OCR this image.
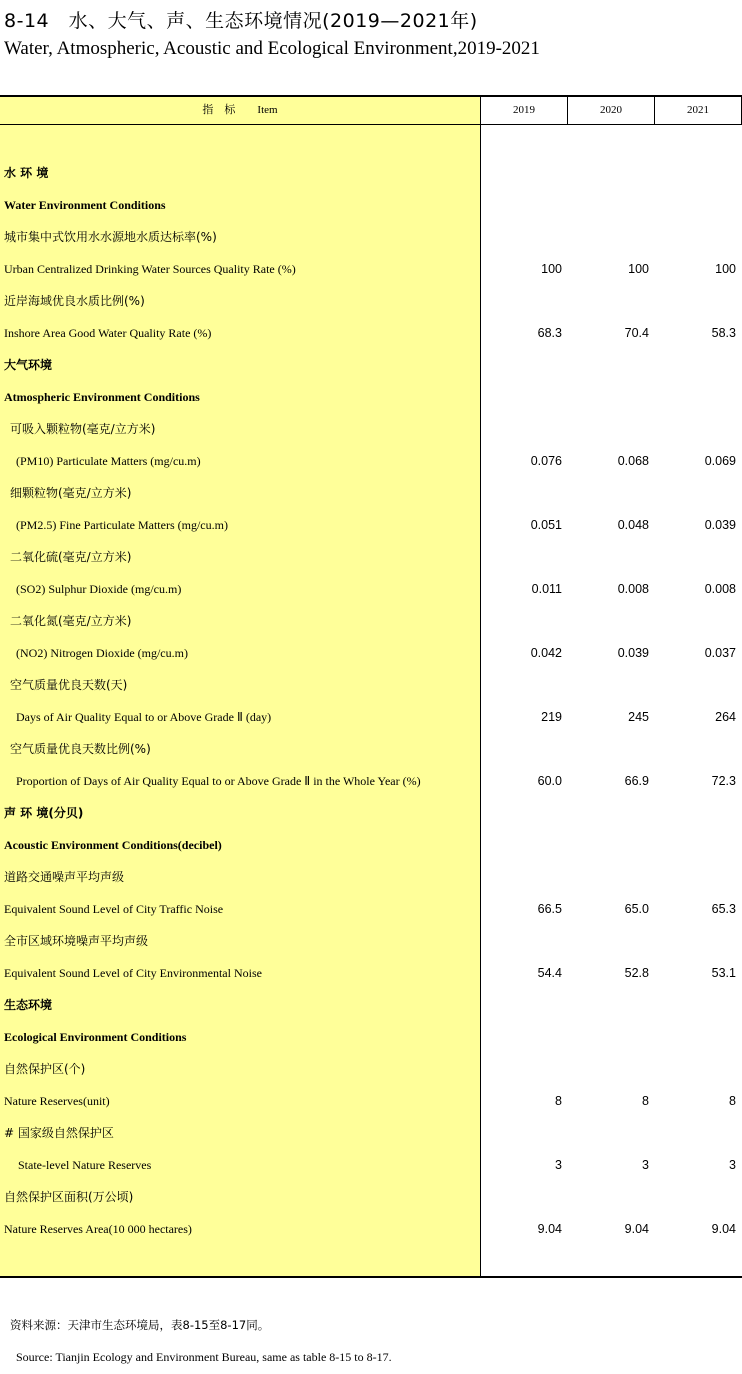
8-14　水、大气、声、生态环境情况(2019—2021年)
Water, Atmospheric, Acoustic and Ecological Environment,2019-2021
指　标　　Item	2019	2020	2021
水 环 境
Water Environment Conditions
城市集中式饮用水水源地水质达标率(%)
Urban Centralized Drinking Water Sources Quality Rate (%)	100	100	100
近岸海域优良水质比例(%)
Inshore Area Good Water Quality Rate (%)	68.3	70.4	58.3
大气环境
Atmospheric Environment Conditions
可吸入颗粒物(毫克/立方米)
(PM10) Particulate Matters (mg/cu.m)	0.076	0.068	0.069
细颗粒物(毫克/立方米)
(PM2.5) Fine Particulate Matters (mg/cu.m)	0.051	0.048	0.039
二氧化硫(毫克/立方米)
(SO2) Sulphur Dioxide (mg/cu.m)	0.011	0.008	0.008
二氧化氮(毫克/立方米)
(NO2) Nitrogen Dioxide (mg/cu.m)	0.042	0.039	0.037
空气质量优良天数(天)
Days of Air Quality Equal to or Above Grade Ⅱ (day)	219	245	264
空气质量优良天数比例(%)
Proportion of Days of Air Quality Equal to or Above Grade Ⅱ in the Whole Year (%)	60.0	66.9	72.3
声 环 境(分贝)
Acoustic Environment Conditions(decibel)
道路交通噪声平均声级
Equivalent Sound Level of City Traffic Noise	66.5	65.0	65.3
全市区域环境噪声平均声级
Equivalent Sound Level of City Environmental Noise	54.4	52.8	53.1
生态环境
Ecological Environment Conditions
自然保护区(个)
Nature Reserves(unit)	8	8	8
# 国家级自然保护区
State-level Nature Reserves	3	3	3
自然保护区面积(万公顷)
Nature Reserves Area(10 000 hectares)	9.04	9.04	9.04
资料来源：天津市生态环境局，表8-15至8-17同。
Source: Tianjin Ecology and Environment Bureau, same as table 8-15 to 8-17.
